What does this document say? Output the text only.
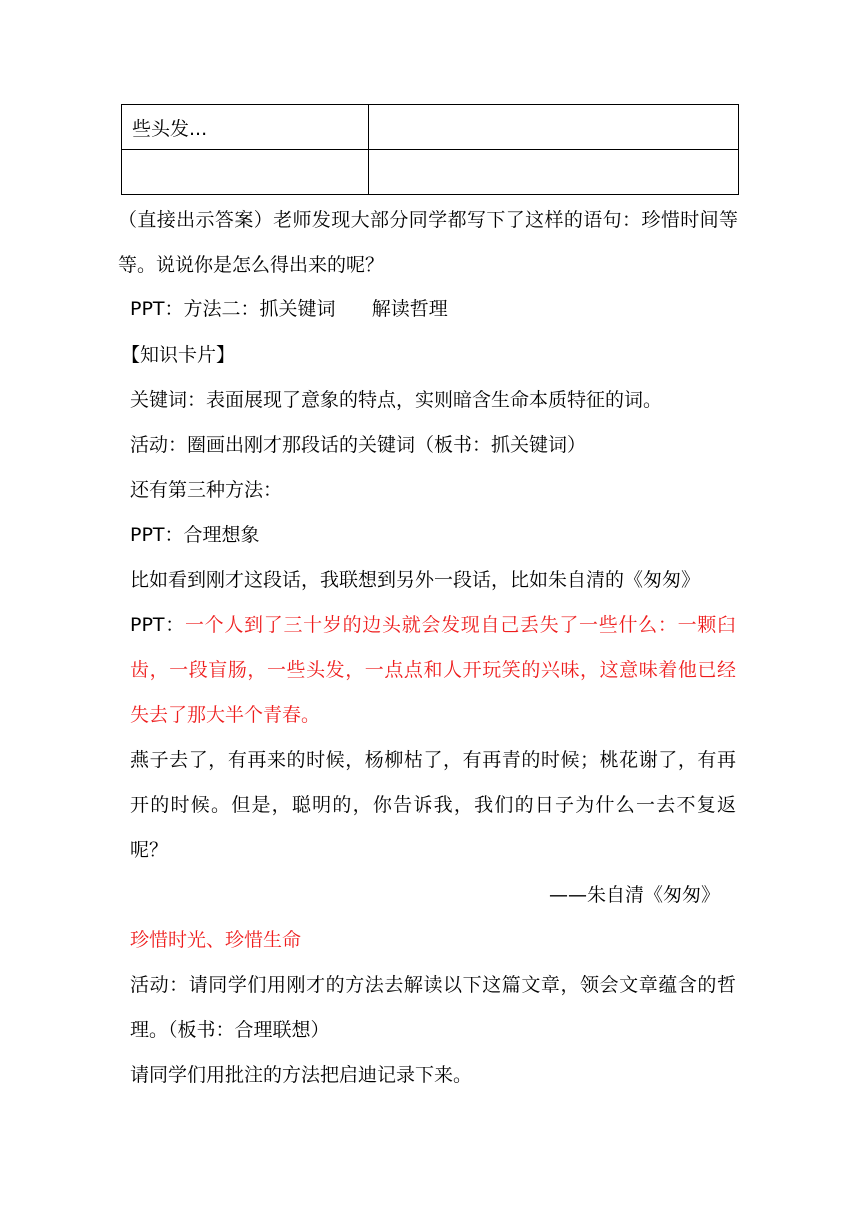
些头发...	

（直接出示答案）老师发现大部分同学都写下了这样的语句：珍惜时间等等。说说你是怎么得出来的呢？
PPT：方法二：抓关键词      解读哲理
【知识卡片】
关键词：表面展现了意象的特点，实则暗含生命本质特征的词。
活动：圈画出刚才那段话的关键词（板书：抓关键词）
还有第三种方法：
PPT：合理想象
比如看到刚才这段话，我联想到另外一段话，比如朱自清的《匆匆》
PPT：一个人到了三十岁的边头就会发现自己丢失了一些什么：一颗臼齿，一段盲肠，一些头发，一点点和人开玩笑的兴味，这意味着他已经失去了那大半个青春。
燕子去了，有再来的时候，杨柳枯了，有再青的时候；桃花谢了，有再开的时候。但是，聪明的，你告诉我，我们的日子为什么一去不复返呢？
——朱自清《匆匆》
珍惜时光、珍惜生命
活动：请同学们用刚才的方法去解读以下这篇文章，领会文章蕴含的哲理。（板书：合理联想）
请同学们用批注的方法把启迪记录下来。
